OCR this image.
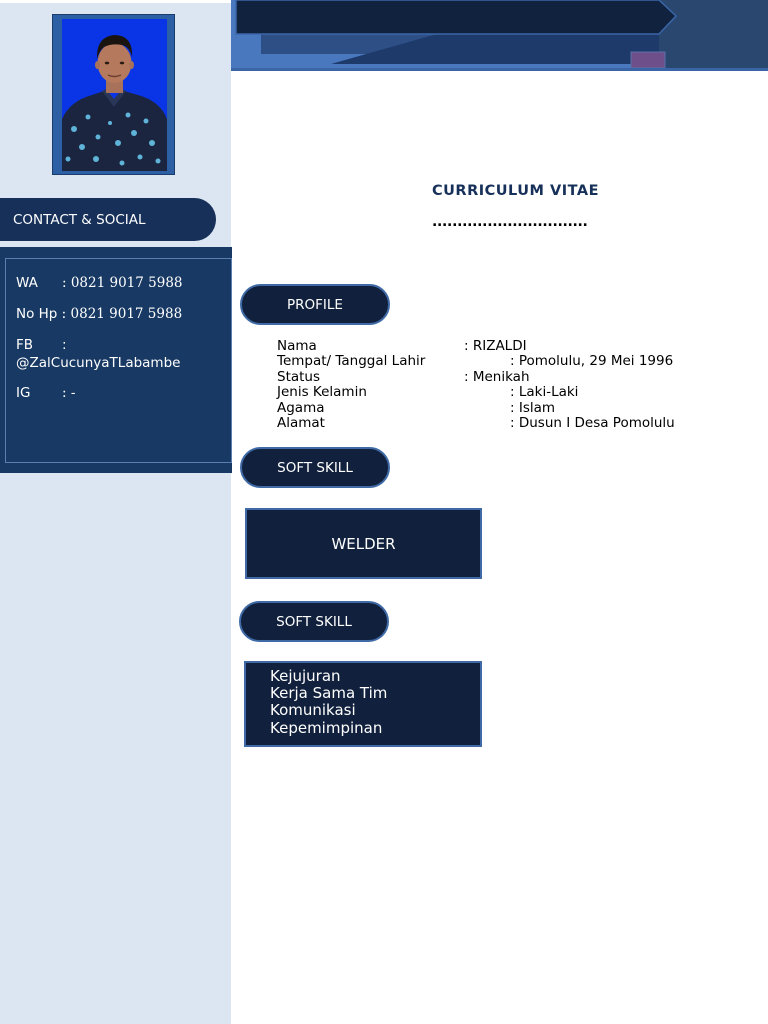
CONTACT & SOCIAL
WA : 0821 9017 5988
No Hp : 0821 9017 5988
FB :
@ZalCucunyaTLabambe
IG : -
CURRICULUM VITAE
...............................
PROFILE
Nama
Tempat/ Tanggal Lahir
Status
Jenis Kelamin
Agama
Alamat
: RIZALDI
: Pomolulu, 29 Mei 1996
: Menikah
: Laki-Laki
: Islam
: Dusun I Desa Pomolulu
SOFT SKILL
WELDER
SOFT SKILL
Kejujuran
Kerja Sama Tim
Komunikasi
Kepemimpinan
